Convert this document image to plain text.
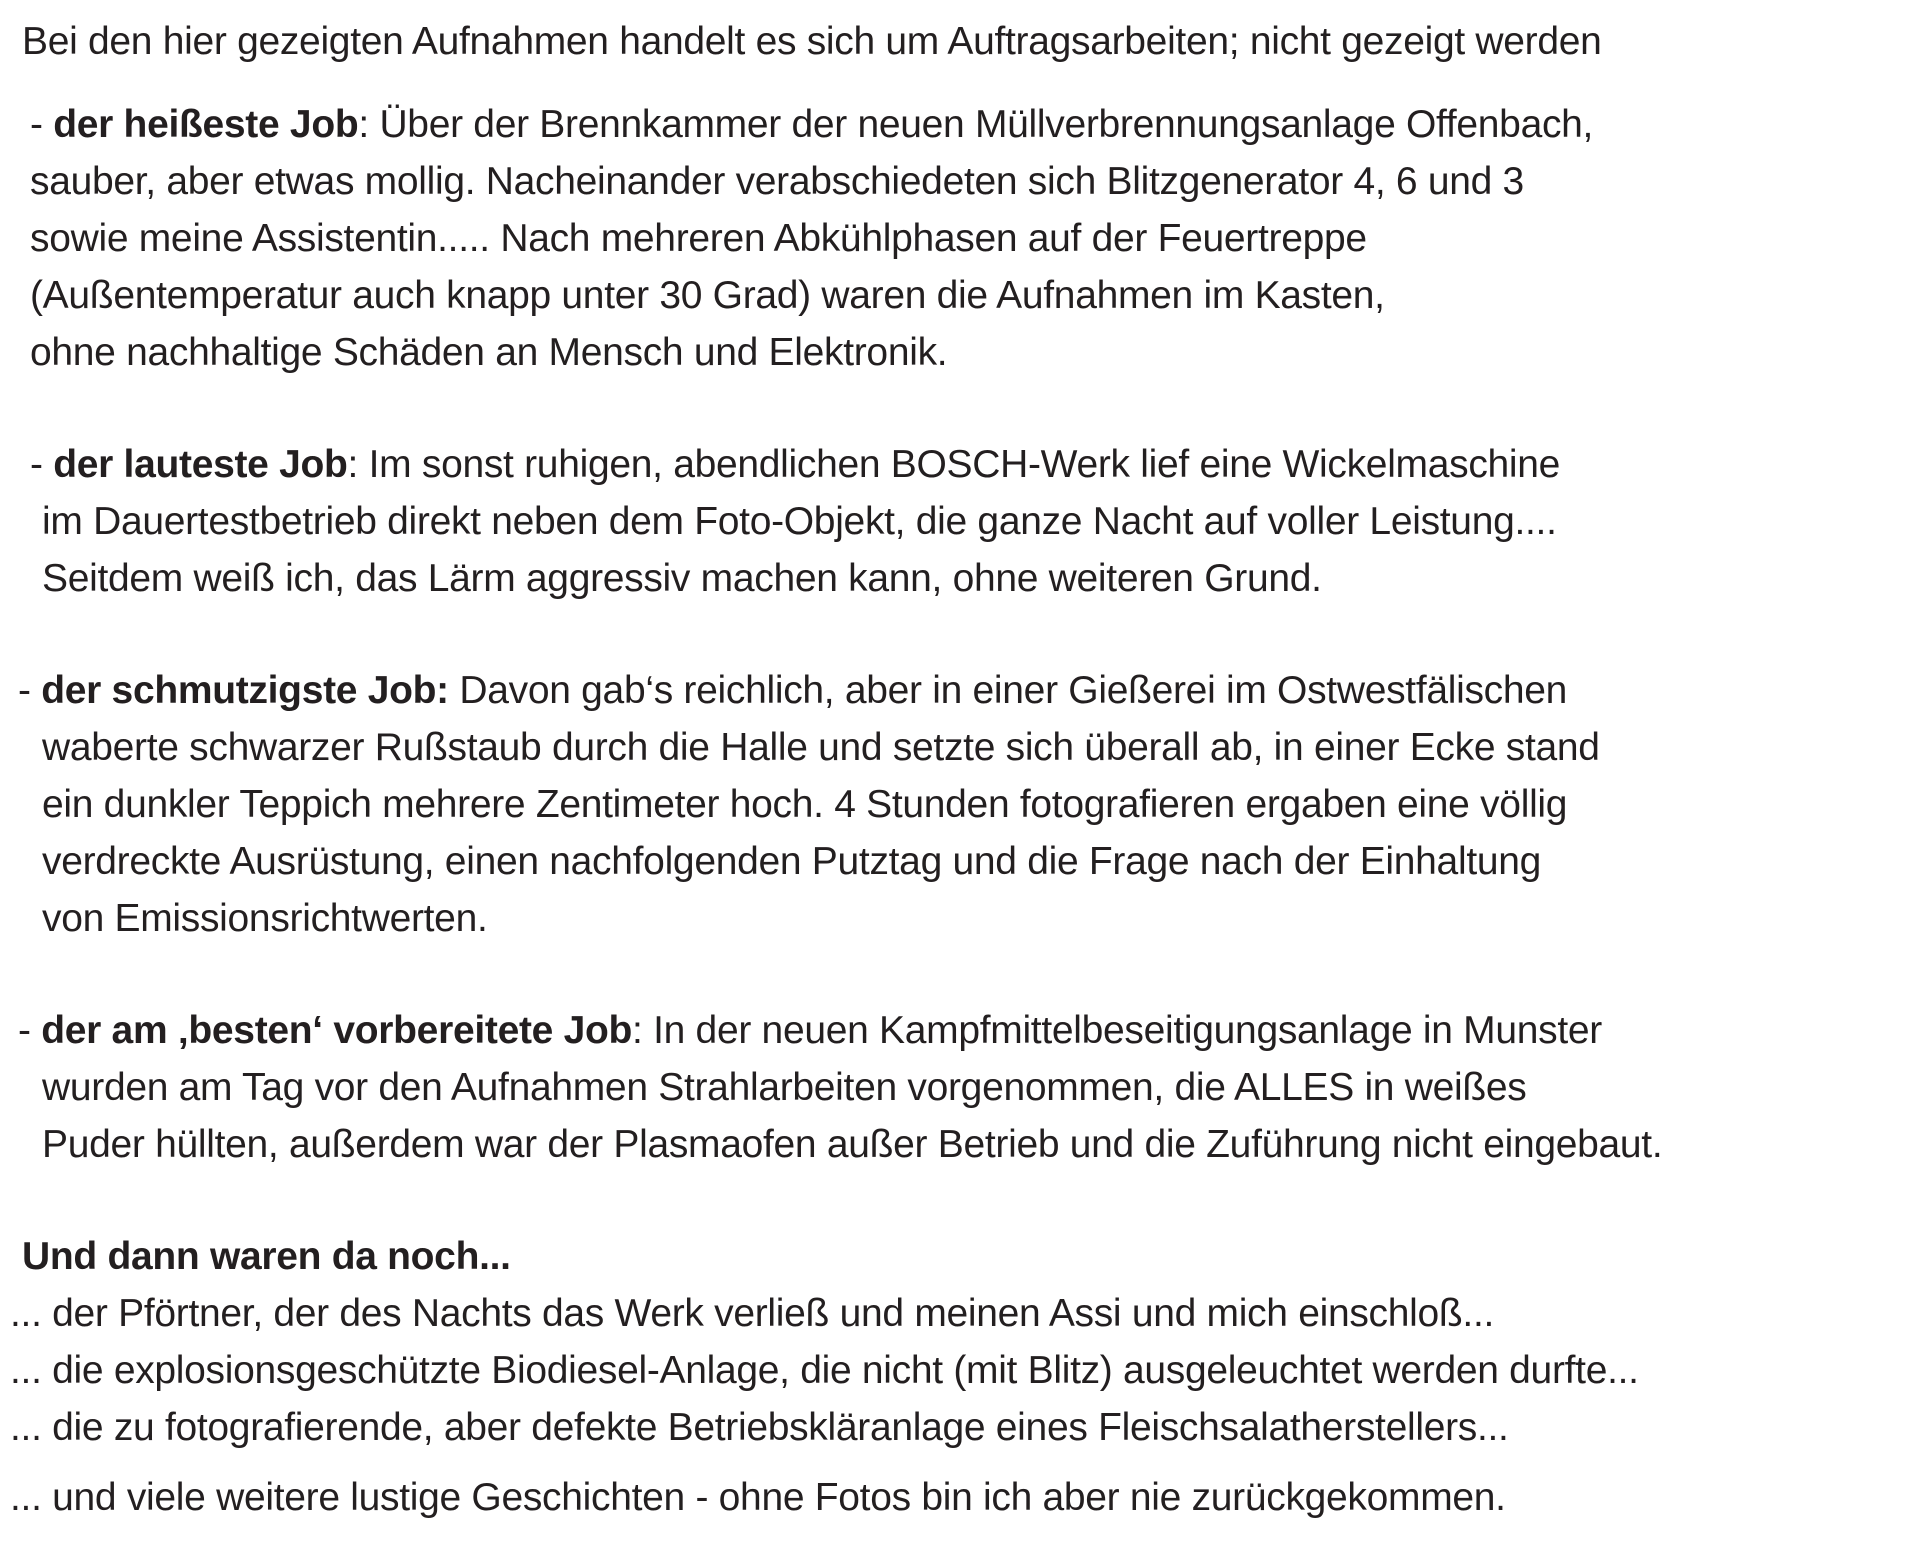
Bei den hier gezeigten Aufnahmen handelt es sich um Auftragsarbeiten; nicht gezeigt werden
- der heißeste Job: Über der Brennkammer der neuen Müllverbrennungsanlage Offenbach,
sauber, aber etwas mollig. Nacheinander verabschiedeten sich Blitzgenerator 4, 6 und 3
sowie meine Assistentin..... Nach mehreren Abkühlphasen auf der Feuertreppe
(Außentemperatur auch knapp unter 30 Grad) waren die Aufnahmen im Kasten,
ohne nachhaltige Schäden an Mensch und Elektronik.
- der lauteste Job: Im sonst ruhigen, abendlichen BOSCH-Werk lief eine Wickelmaschine
im Dauertestbetrieb direkt neben dem Foto-Objekt, die ganze Nacht auf voller Leistung....
Seitdem weiß ich, das Lärm aggressiv machen kann, ohne weiteren Grund.
- der schmutzigste Job: Davon gab‘s reichlich, aber in einer Gießerei im Ostwestfälischen
waberte schwarzer Rußstaub durch die Halle und setzte sich überall ab, in einer Ecke stand
ein dunkler Teppich mehrere Zentimeter hoch. 4 Stunden fotografieren ergaben eine völlig
verdreckte Ausrüstung, einen nachfolgenden Putztag und die Frage nach der Einhaltung
von Emissionsrichtwerten.
- der am ‚besten‘ vorbereitete Job: In der neuen Kampfmittelbeseitigungsanlage in Munster
wurden am Tag vor den Aufnahmen Strahlarbeiten vorgenommen, die ALLES in weißes
Puder hüllten, außerdem war der Plasmaofen außer Betrieb und die Zuführung nicht eingebaut.
Und dann waren da noch...
... der Pförtner, der des Nachts das Werk verließ und meinen Assi und mich einschloß...
... die explosionsgeschützte Biodiesel-Anlage, die nicht (mit Blitz) ausgeleuchtet werden durfte...
... die zu fotografierende, aber defekte Betriebskläranlage eines Fleischsalatherstellers...
... und viele weitere lustige Geschichten - ohne Fotos bin ich aber nie zurückgekommen.
